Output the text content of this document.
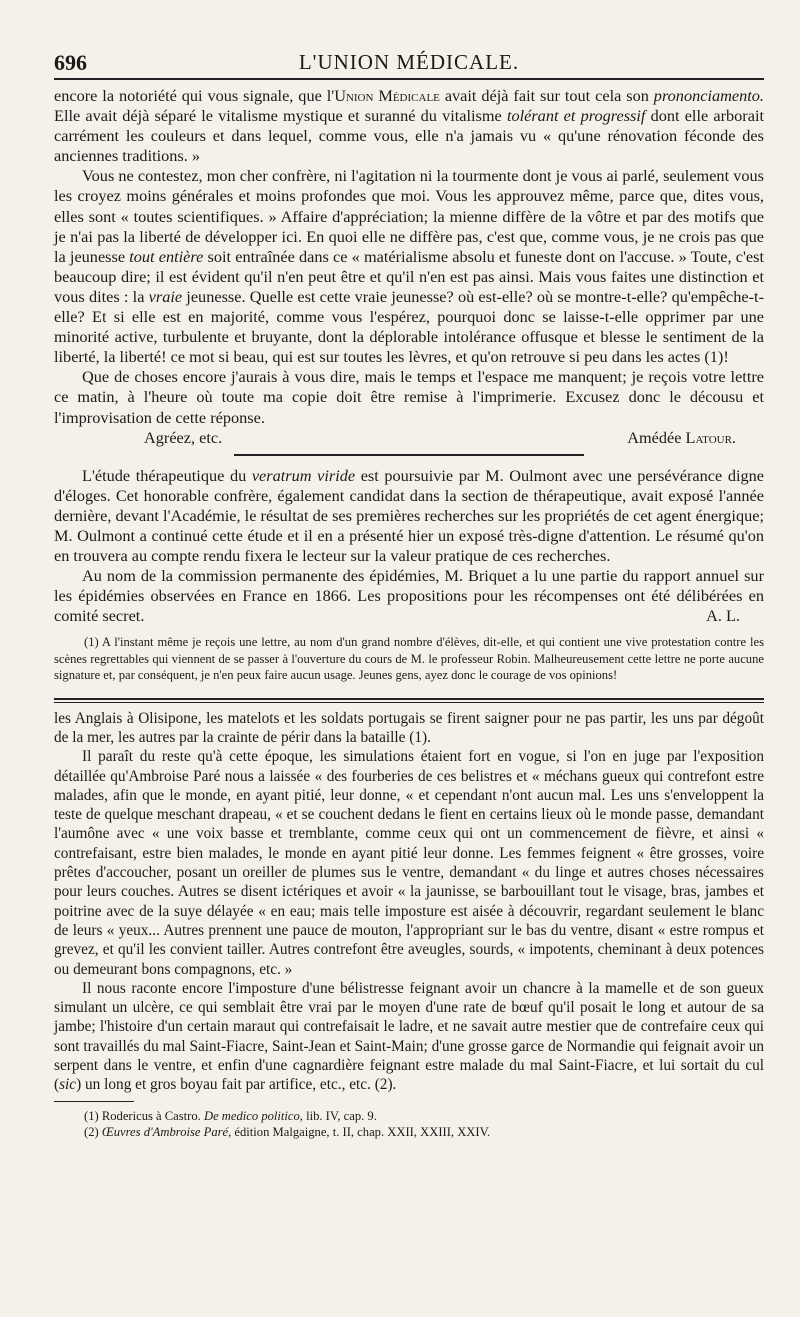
696	L'UNION MÉDICALE.

encore la notoriété qui vous signale, que l'Union Médicale avait déjà fait sur tout cela son prononciamento. Elle avait déjà séparé le vitalisme mystique et suranné du vitalisme tolérant et progressif dont elle arborait carrément les couleurs et dans lequel, comme vous, elle n'a jamais vu « qu'une rénovation féconde des anciennes traditions. »

Vous ne contestez, mon cher confrère, ni l'agitation ni la tourmente dont je vous ai parlé, seulement vous les croyez moins générales et moins profondes que moi. Vous les approuvez même, parce que, dites vous, elles sont « toutes scientifiques. » Affaire d'appréciation; la mienne diffère de la vôtre et par des motifs que je n'ai pas la liberté de développer ici. En quoi elle ne diffère pas, c'est que, comme vous, je ne crois pas que la jeunesse tout entière soit entraînée dans ce « matérialisme absolu et funeste dont on l'accuse. » Toute, c'est beaucoup dire; il est évident qu'il n'en peut être et qu'il n'en est pas ainsi. Mais vous faites une distinction et vous dites : la vraie jeunesse. Quelle est cette vraie jeunesse? où est-elle? où se montre-t-elle? qu'empêche-t-elle? Et si elle est en majorité, comme vous l'espérez, pourquoi donc se laisse-t-elle opprimer par une minorité active, turbulente et bruyante, dont la déplorable intolérance offusque et blesse le sentiment de la liberté, la liberté! ce mot si beau, qui est sur toutes les lèvres, et qu'on retrouve si peu dans les actes (1)!

Que de choses encore j'aurais à vous dire, mais le temps et l'espace me manquent; je reçois votre lettre ce matin, à l'heure où toute ma copie doit être remise à l'imprimerie. Excusez donc le décousu et l'improvisation de cette réponse.

Agréez, etc.	Amédée Latour.

L'étude thérapeutique du veratrum viride est poursuivie par M. Oulmont avec une persévérance digne d'éloges. Cet honorable confrère, également candidat dans la section de thérapeutique, avait exposé l'année dernière, devant l'Académie, le résultat de ses premières recherches sur les propriétés de cet agent énergique; M. Oulmont a continué cette étude et il en a présenté hier un exposé très-digne d'attention. Le résumé qu'on en trouvera au compte rendu fixera le lecteur sur la valeur pratique de ces recherches.

Au nom de la commission permanente des épidémies, M. Briquet a lu une partie du rapport annuel sur les épidémies observées en France en 1866. Les propositions pour les récompenses ont été délibérées en comité secret.	A. L.

(1) A l'instant même je reçois une lettre, au nom d'un grand nombre d'élèves, dit-elle, et qui contient une vive protestation contre les scènes regrettables qui viennent de se passer à l'ouverture du cours de M. le professeur Robin. Malheureusement cette lettre ne porte aucune signature et, par conséquent, je n'en peux faire aucun usage. Jeunes gens, ayez donc le courage de vos opinions!

les Anglais à Olisipone, les matelots et les soldats portugais se firent saigner pour ne pas partir, les uns par dégoût de la mer, les autres par la crainte de périr dans la bataille (1).

Il paraît du reste qu'à cette époque, les simulations étaient fort en vogue, si l'on en juge par l'exposition détaillée qu'Ambroise Paré nous a laissée « des fourberies de ces belistres et « méchans gueux qui contrefont estre malades, afin que le monde, en ayant pitié, leur donne, « et cependant n'ont aucun mal. Les uns s'enveloppent la teste de quelque meschant drapeau, « et se couchent dedans le fient en certains lieux où le monde passe, demandant l'aumône avec « une voix basse et tremblante, comme ceux qui ont un commencement de fièvre, et ainsi « contrefaisant, estre bien malades, le monde en ayant pitié leur donne. Les femmes feignent « être grosses, voire prêtes d'accoucher, posant un oreiller de plumes sus le ventre, demandant « du linge et autres choses nécessaires pour leurs couches. Autres se disent ictériques et avoir « la jaunisse, se barbouillant tout le visage, bras, jambes et poitrine avec de la suye délayée « en eau; mais telle imposture est aisée à découvrir, regardant seulement le blanc de leurs « yeux... Autres prennent une pauce de mouton, l'appropriant sur le bas du ventre, disant « estre rompus et grevez, et qu'il les convient tailler. Autres contrefont être aveugles, sourds, « impotents, cheminant à deux potences ou demeurant bons compagnons, etc. »

Il nous raconte encore l'imposture d'une bélistresse feignant avoir un chancre à la mamelle et de son gueux simulant un ulcère, ce qui semblait être vrai par le moyen d'une rate de bœuf qu'il posait le long et autour de sa jambe; l'histoire d'un certain maraut qui contrefaisait le ladre, et ne savait autre mestier que de contrefaire ceux qui sont travaillés du mal Saint-Fiacre, Saint-Jean et Saint-Main; d'une grosse garce de Normandie qui feignait avoir un serpent dans le ventre, et enfin d'une cagnardière feignant estre malade du mal Saint-Fiacre, et lui sortait du cul (sic) un long et gros boyau fait par artifice, etc., etc. (2).

(1) Rodericus à Castro. De medico politico, lib. IV, cap. 9.

(2) Œuvres d'Ambroise Paré, édition Malgaigne, t. II, chap. XXII, XXIII, XXIV.
